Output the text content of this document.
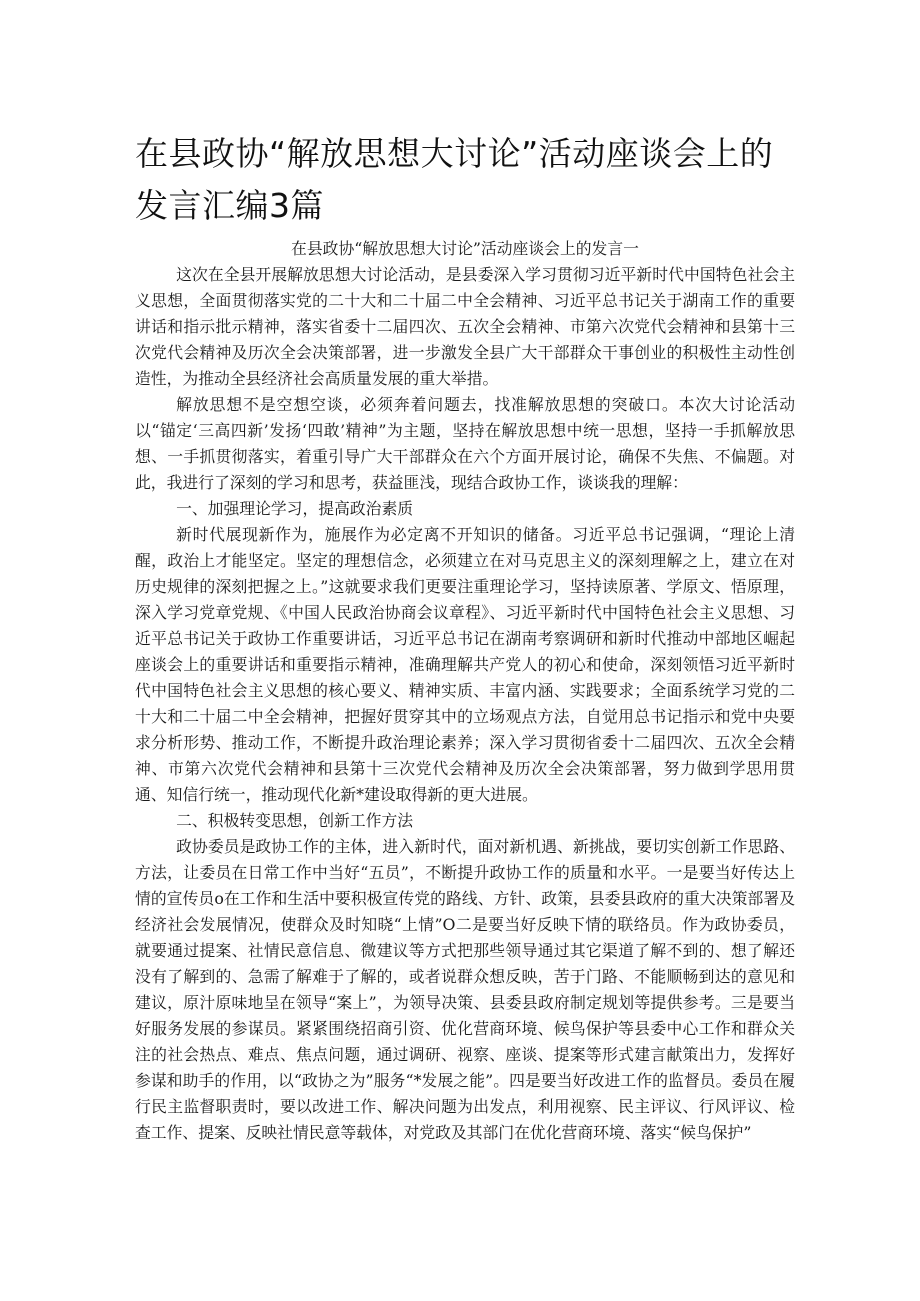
在县政协“解放思想大讨论”活动座谈会上的发言汇编3篇

在县政协“解放思想大讨论”活动座谈会上的发言一

这次在全县开展解放思想大讨论活动，是县委深入学习贯彻习近平新时代中国特色社会主义思想，全面贯彻落实党的二十大和二十届二中全会精神、习近平总书记关于湖南工作的重要讲话和指示批示精神，落实省委十二届四次、五次全会精神、市第六次党代会精神和县第十三次党代会精神及历次全会决策部署，进一步激发全县广大干部群众干事创业的积极性主动性创造性，为推动全县经济社会高质量发展的重大举措。

解放思想不是空想空谈，必须奔着问题去，找准解放思想的突破口。本次大讨论活动以“锚定‘三高四新’发扬‘四敢’精神”为主题，坚持在解放思想中统一思想，坚持一手抓解放思想、一手抓贯彻落实，着重引导广大干部群众在六个方面开展讨论，确保不失焦、不偏题。对此，我进行了深刻的学习和思考，获益匪浅，现结合政协工作，谈谈我的理解：

一、加强理论学习，提高政治素质

新时代展现新作为，施展作为必定离不开知识的储备。习近平总书记强调，“理论上清醒，政治上才能坚定。坚定的理想信念，必须建立在对马克思主义的深刻理解之上，建立在对历史规律的深刻把握之上。”这就要求我们更要注重理论学习，坚持读原著、学原文、悟原理，深入学习党章党规、《中国人民政治协商会议章程》、习近平新时代中国特色社会主义思想、习近平总书记关于政协工作重要讲话，习近平总书记在湖南考察调研和新时代推动中部地区崛起座谈会上的重要讲话和重要指示精神，准确理解共产党人的初心和使命，深刻领悟习近平新时代中国特色社会主义思想的核心要义、精神实质、丰富内涵、实践要求；全面系统学习党的二十大和二十届二中全会精神，把握好贯穿其中的立场观点方法，自觉用总书记指示和党中央要求分析形势、推动工作，不断提升政治理论素养；深入学习贯彻省委十二届四次、五次全会精神、市第六次党代会精神和县第十三次党代会精神及历次全会决策部署，努力做到学思用贯通、知信行统一，推动现代化新*建设取得新的更大进展。

二、积极转变思想，创新工作方法

政协委员是政协工作的主体，进入新时代，面对新机遇、新挑战，要切实创新工作思路、方法，让委员在日常工作中当好“五员”，不断提升政协工作的质量和水平。一是要当好传达上情的宣传员o在工作和生活中要积极宣传党的路线、方针、政策，县委县政府的重大决策部署及经济社会发展情况，使群众及时知晓“上情”O二是要当好反映下情的联络员。作为政协委员，就要通过提案、社情民意信息、微建议等方式把那些领导通过其它渠道了解不到的、想了解还没有了解到的、急需了解难于了解的，或者说群众想反映，苦于门路、不能顺畅到达的意见和建议，原汁原味地呈在领导“案上”，为领导决策、县委县政府制定规划等提供参考。三是要当好服务发展的参谋员。紧紧围绕招商引资、优化营商环境、候鸟保护等县委中心工作和群众关注的社会热点、难点、焦点问题，通过调研、视察、座谈、提案等形式建言献策出力，发挥好参谋和助手的作用，以“政协之为”服务“*发展之能”。四是要当好改进工作的监督员。委员在履行民主监督职责时，要以改进工作、解决问题为出发点，利用视察、民主评议、行风评议、检查工作、提案、反映社情民意等载体，对党政及其部门在优化营商环境、落实“候鸟保护”
